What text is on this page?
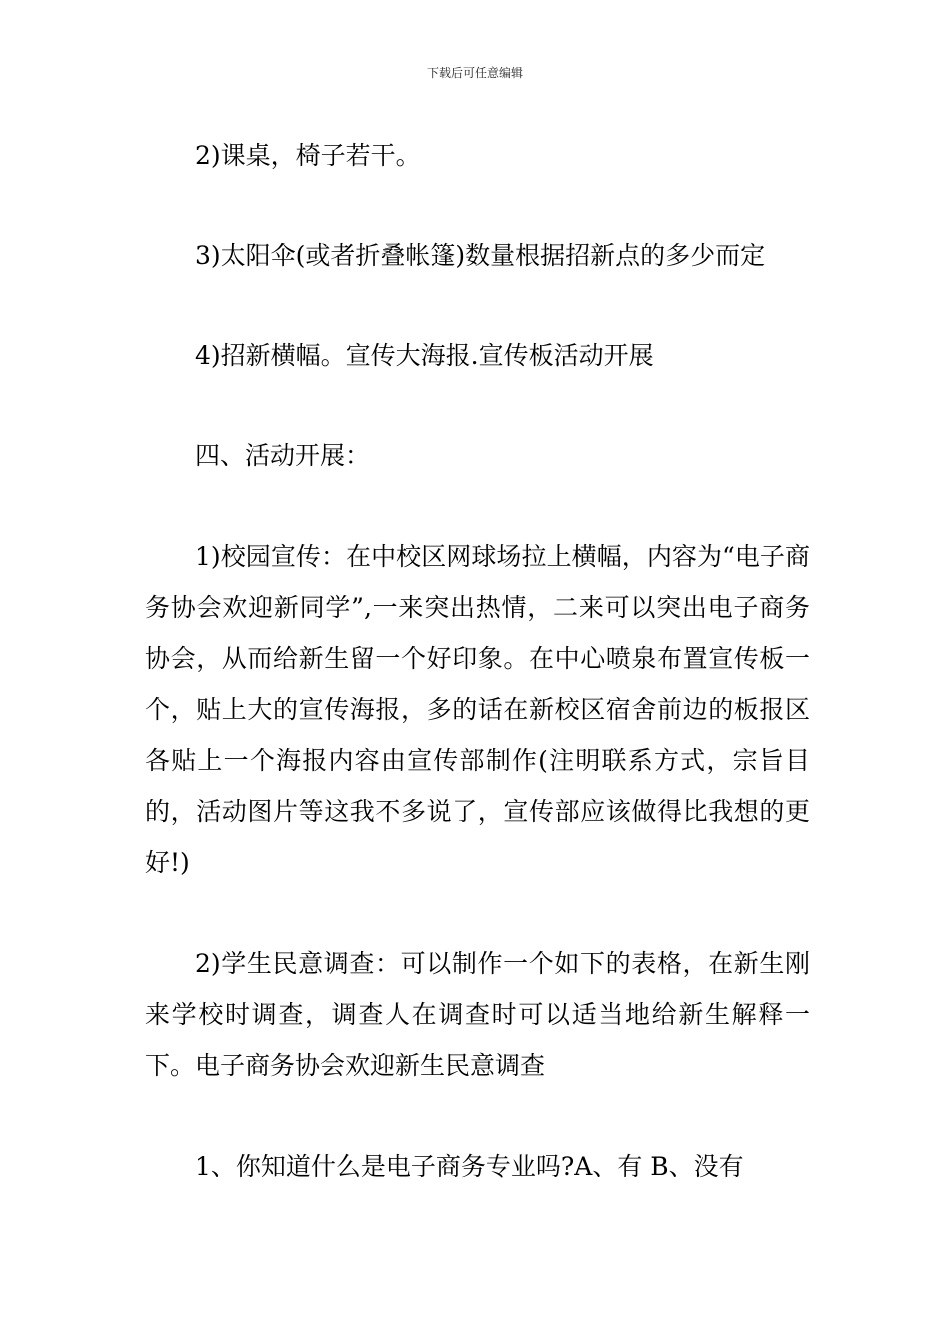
下载后可任意编辑

2)课桌，椅子若干。

3)太阳伞(或者折叠帐篷)数量根据招新点的多少而定

4)招新横幅。宣传大海报.宣传板活动开展

四、活动开展：

1)校园宣传：在中校区网球场拉上横幅，内容为“电子商务协会欢迎新同学”,一来突出热情，二来可以突出电子商务协会，从而给新生留一个好印象。在中心喷泉布置宣传板一个，贴上大的宣传海报，多的话在新校区宿舍前边的板报区各贴上一个海报内容由宣传部制作(注明联系方式，宗旨目的，活动图片等这我不多说了，宣传部应该做得比我想的更好!)

2)学生民意调查：可以制作一个如下的表格，在新生刚来学校时调查，调查人在调查时可以适当地给新生解释一下。电子商务协会欢迎新生民意调查

1、你知道什么是电子商务专业吗?A、有 B、没有
